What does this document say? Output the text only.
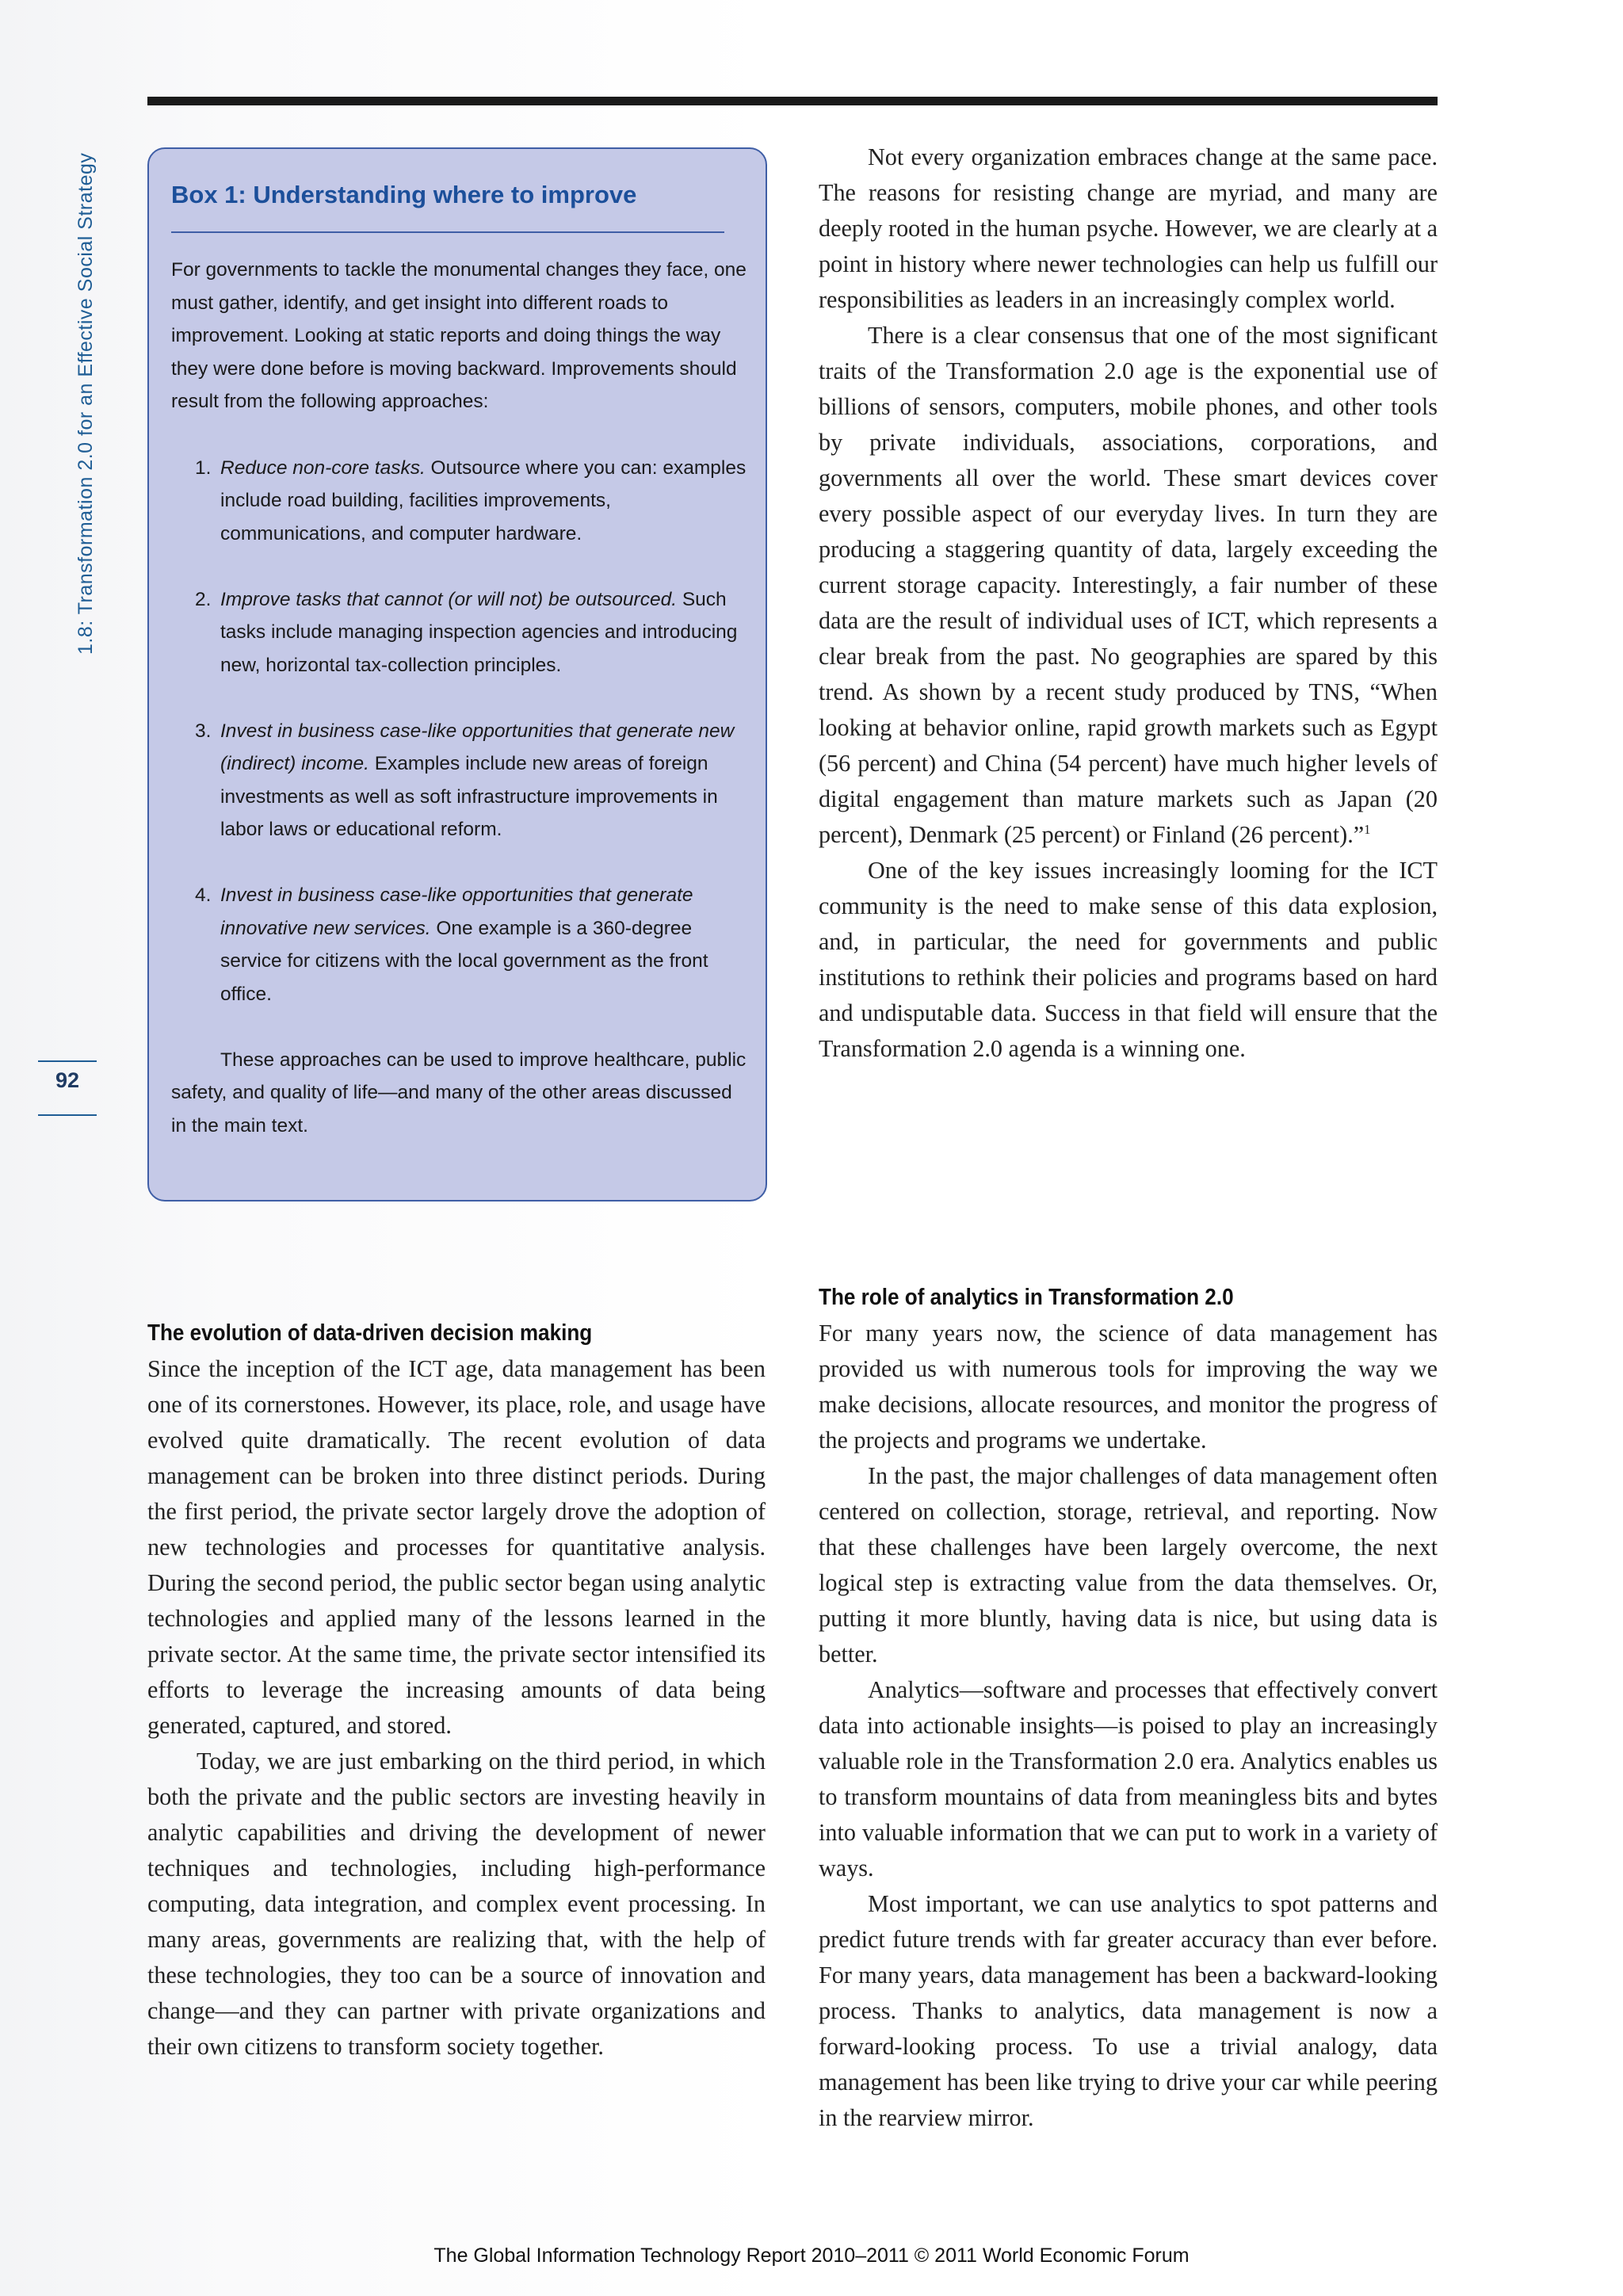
1.8: Transformation 2.0 for an Effective Social Strategy
92
Box 1: Understanding where to improve

For governments to tackle the monumental changes they face, one must gather, identify, and get insight into different roads to improvement. Looking at static reports and doing things the way they were done before is moving backward. Improvements should result from the following approaches:

1. Reduce non-core tasks. Outsource where you can: examples include road building, facilities improvements, communications, and computer hardware.
2. Improve tasks that cannot (or will not) be outsourced. Such tasks include managing inspection agencies and introducing new, horizontal tax-collection principles.
3. Invest in business case-like opportunities that generate new (indirect) income. Examples include new areas of foreign investments as well as soft infrastructure improvements in labor laws or educational reform.
4. Invest in business case-like opportunities that generate innovative new services. One example is a 360-degree service for citizens with the local government as the front office.

These approaches can be used to improve healthcare, public safety, and quality of life—and many of the other areas discussed in the main text.

Not every organization embraces change at the same pace. The reasons for resisting change are myriad, and many are deeply rooted in the human psyche. However, we are clearly at a point in history where newer technologies can help us fulfill our responsibilities as leaders in an increasingly complex world.

There is a clear consensus that one of the most significant traits of the Transformation 2.0 age is the exponential use of billions of sensors, computers, mobile phones, and other tools by private individuals, associations, corporations, and governments all over the world. These smart devices cover every possible aspect of our everyday lives. In turn they are producing a staggering quantity of data, largely exceeding the current storage capacity. Interestingly, a fair number of these data are the result of individual uses of ICT, which represents a clear break from the past. No geographies are spared by this trend. As shown by a recent study produced by TNS, “When looking at behavior online, rapid growth markets such as Egypt (56 percent) and China (54 percent) have much higher levels of digital engagement than mature markets such as Japan (20 percent), Denmark (25 percent) or Finland (26 percent).”$^1$

One of the key issues increasingly looming for the ICT community is the need to make sense of this data explosion, and, in particular, the need for governments and public institutions to rethink their policies and programs based on hard and undisputable data. Success in that field will ensure that the Transformation 2.0 agenda is a winning one.

The evolution of data-driven decision making

Since the inception of the ICT age, data management has been one of its cornerstones. However, its place, role, and usage have evolved quite dramatically. The recent evolution of data management can be broken into three distinct periods. During the first period, the private sector largely drove the adoption of new technologies and processes for quantitative analysis. During the second period, the public sector began using analytic technologies and applied many of the lessons learned in the private sector. At the same time, the private sector intensified its efforts to leverage the increasing amounts of data being generated, captured, and stored.

Today, we are just embarking on the third period, in which both the private and the public sectors are investing heavily in analytic capabilities and driving the development of newer techniques and technologies, including high-performance computing, data integration, and complex event processing. In many areas, governments are realizing that, with the help of these technologies, they too can be a source of innovation and change—and they can partner with private organizations and their own citizens to transform society together.

The role of analytics in Transformation 2.0

For many years now, the science of data management has provided us with numerous tools for improving the way we make decisions, allocate resources, and monitor the progress of the projects and programs we undertake.

In the past, the major challenges of data management often centered on collection, storage, retrieval, and reporting. Now that these challenges have been largely overcome, the next logical step is extracting value from the data themselves. Or, putting it more bluntly, having data is nice, but using data is better.

Analytics—software and processes that effectively convert data into actionable insights—is poised to play an increasingly valuable role in the Transformation 2.0 era. Analytics enables us to transform mountains of data from meaningless bits and bytes into valuable information that we can put to work in a variety of ways.

Most important, we can use analytics to spot patterns and predict future trends with far greater accuracy than ever before. For many years, data management has been a backward-looking process. Thanks to analytics, data management is now a forward-looking process. To use a trivial analogy, data management has been like trying to drive your car while peering in the rearview mirror.

The Global Information Technology Report 2010–2011 © 2011 World Economic Forum
